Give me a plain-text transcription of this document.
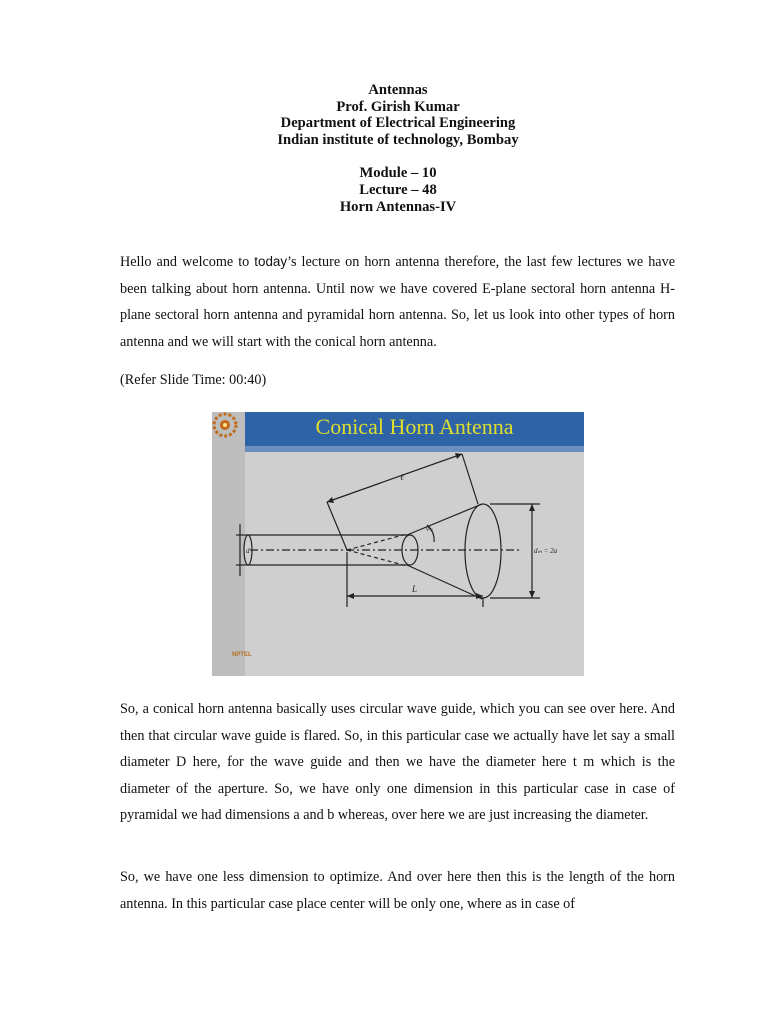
Antennas
Prof. Girish Kumar
Department of Electrical Engineering
Indian institute of technology, Bombay
Module – 10
Lecture – 48
Horn Antennas-IV

Hello and welcome to today’s lecture on horn antenna therefore, the last few lectures we have been talking about horn antenna. Until now we have covered E-plane sectoral horn antenna H-plane sectoral horn antenna and pyramidal horn antenna. So, let us look into other types of horn antenna and we will start with the conical horn antenna.

(Refer Slide Time: 00:40)

Conical Horn Antenna
ℓ
L
ψ₀
d	dₘ = 2a
NPTEL

So, a conical horn antenna basically uses circular wave guide, which you can see over here. And then that circular wave guide is flared. So, in this particular case we actually have let say a small diameter D here, for the wave guide and then we have the diameter here t m which is the diameter of the aperture. So, we have only one dimension in this particular case in case of pyramidal we had dimensions a and b whereas, over here we are just increasing the diameter.

So, we have one less dimension to optimize. And over here then this is the length of the horn antenna. In this particular case place center will be only one, where as in case of
